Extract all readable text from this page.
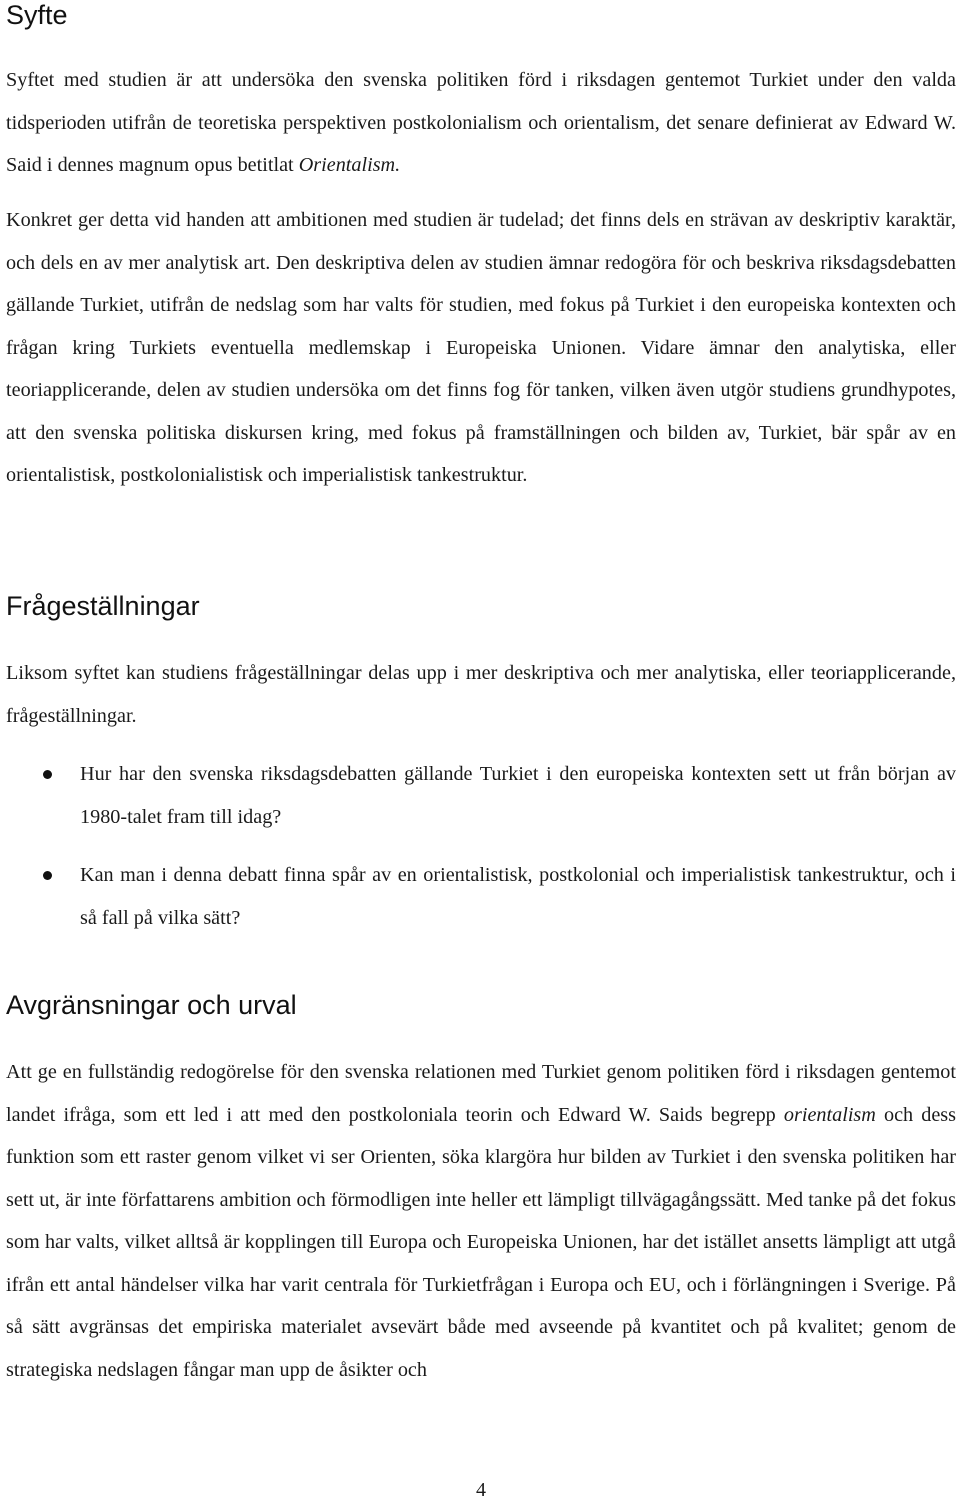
Syfte

Syftet med studien är att undersöka den svenska politiken förd i riksdagen gentemot Turkiet under den valda tidsperioden utifrån de teoretiska perspektiven postkolonialism och orientalism, det senare definierat av Edward W. Said i dennes magnum opus betitlat Orientalism.

Konkret ger detta vid handen att ambitionen med studien är tudelad; det finns dels en strävan av deskriptiv karaktär, och dels en av mer analytisk art. Den deskriptiva delen av studien ämnar redogöra för och beskriva riksdagsdebatten gällande Turkiet, utifrån de nedslag som har valts för studien, med fokus på Turkiet i den europeiska kontexten och frågan kring Turkiets eventuella medlemskap i Europeiska Unionen. Vidare ämnar den analytiska, eller teoriapplicerande, delen av studien undersöka om det finns fog för tanken, vilken även utgör studiens grundhypotes, att den svenska politiska diskursen kring, med fokus på framställningen och bilden av, Turkiet, bär spår av en orientalistisk, postkolonialistisk och imperialistisk tankestruktur.

Frågeställningar

Liksom syftet kan studiens frågeställningar delas upp i mer deskriptiva och mer analytiska, eller teoriapplicerande, frågeställningar.

Hur har den svenska riksdagsdebatten gällande Turkiet i den europeiska kontexten sett ut från början av 1980-talet fram till idag?
Kan man i denna debatt finna spår av en orientalistisk, postkolonial och imperialistisk tankestruktur, och i så fall på vilka sätt?
Avgränsningar och urval

Att ge en fullständig redogörelse för den svenska relationen med Turkiet genom politiken förd i riksdagen gentemot landet ifråga, som ett led i att med den postkoloniala teorin och Edward W. Saids begrepp orientalism och dess funktion som ett raster genom vilket vi ser Orienten, söka klargöra hur bilden av Turkiet i den svenska politiken har sett ut, är inte författarens ambition och förmodligen inte heller ett lämpligt tillvägagångssätt. Med tanke på det fokus som har valts, vilket alltså är kopplingen till Europa och Europeiska Unionen, har det istället ansetts lämpligt att utgå ifrån ett antal händelser vilka har varit centrala för Turkietfrågan i Europa och EU, och i förlängningen i Sverige. På så sätt avgränsas det empiriska materialet avsevärt både med avseende på kvantitet och på kvalitet; genom de strategiska nedslagen fångar man upp de åsikter och

4
